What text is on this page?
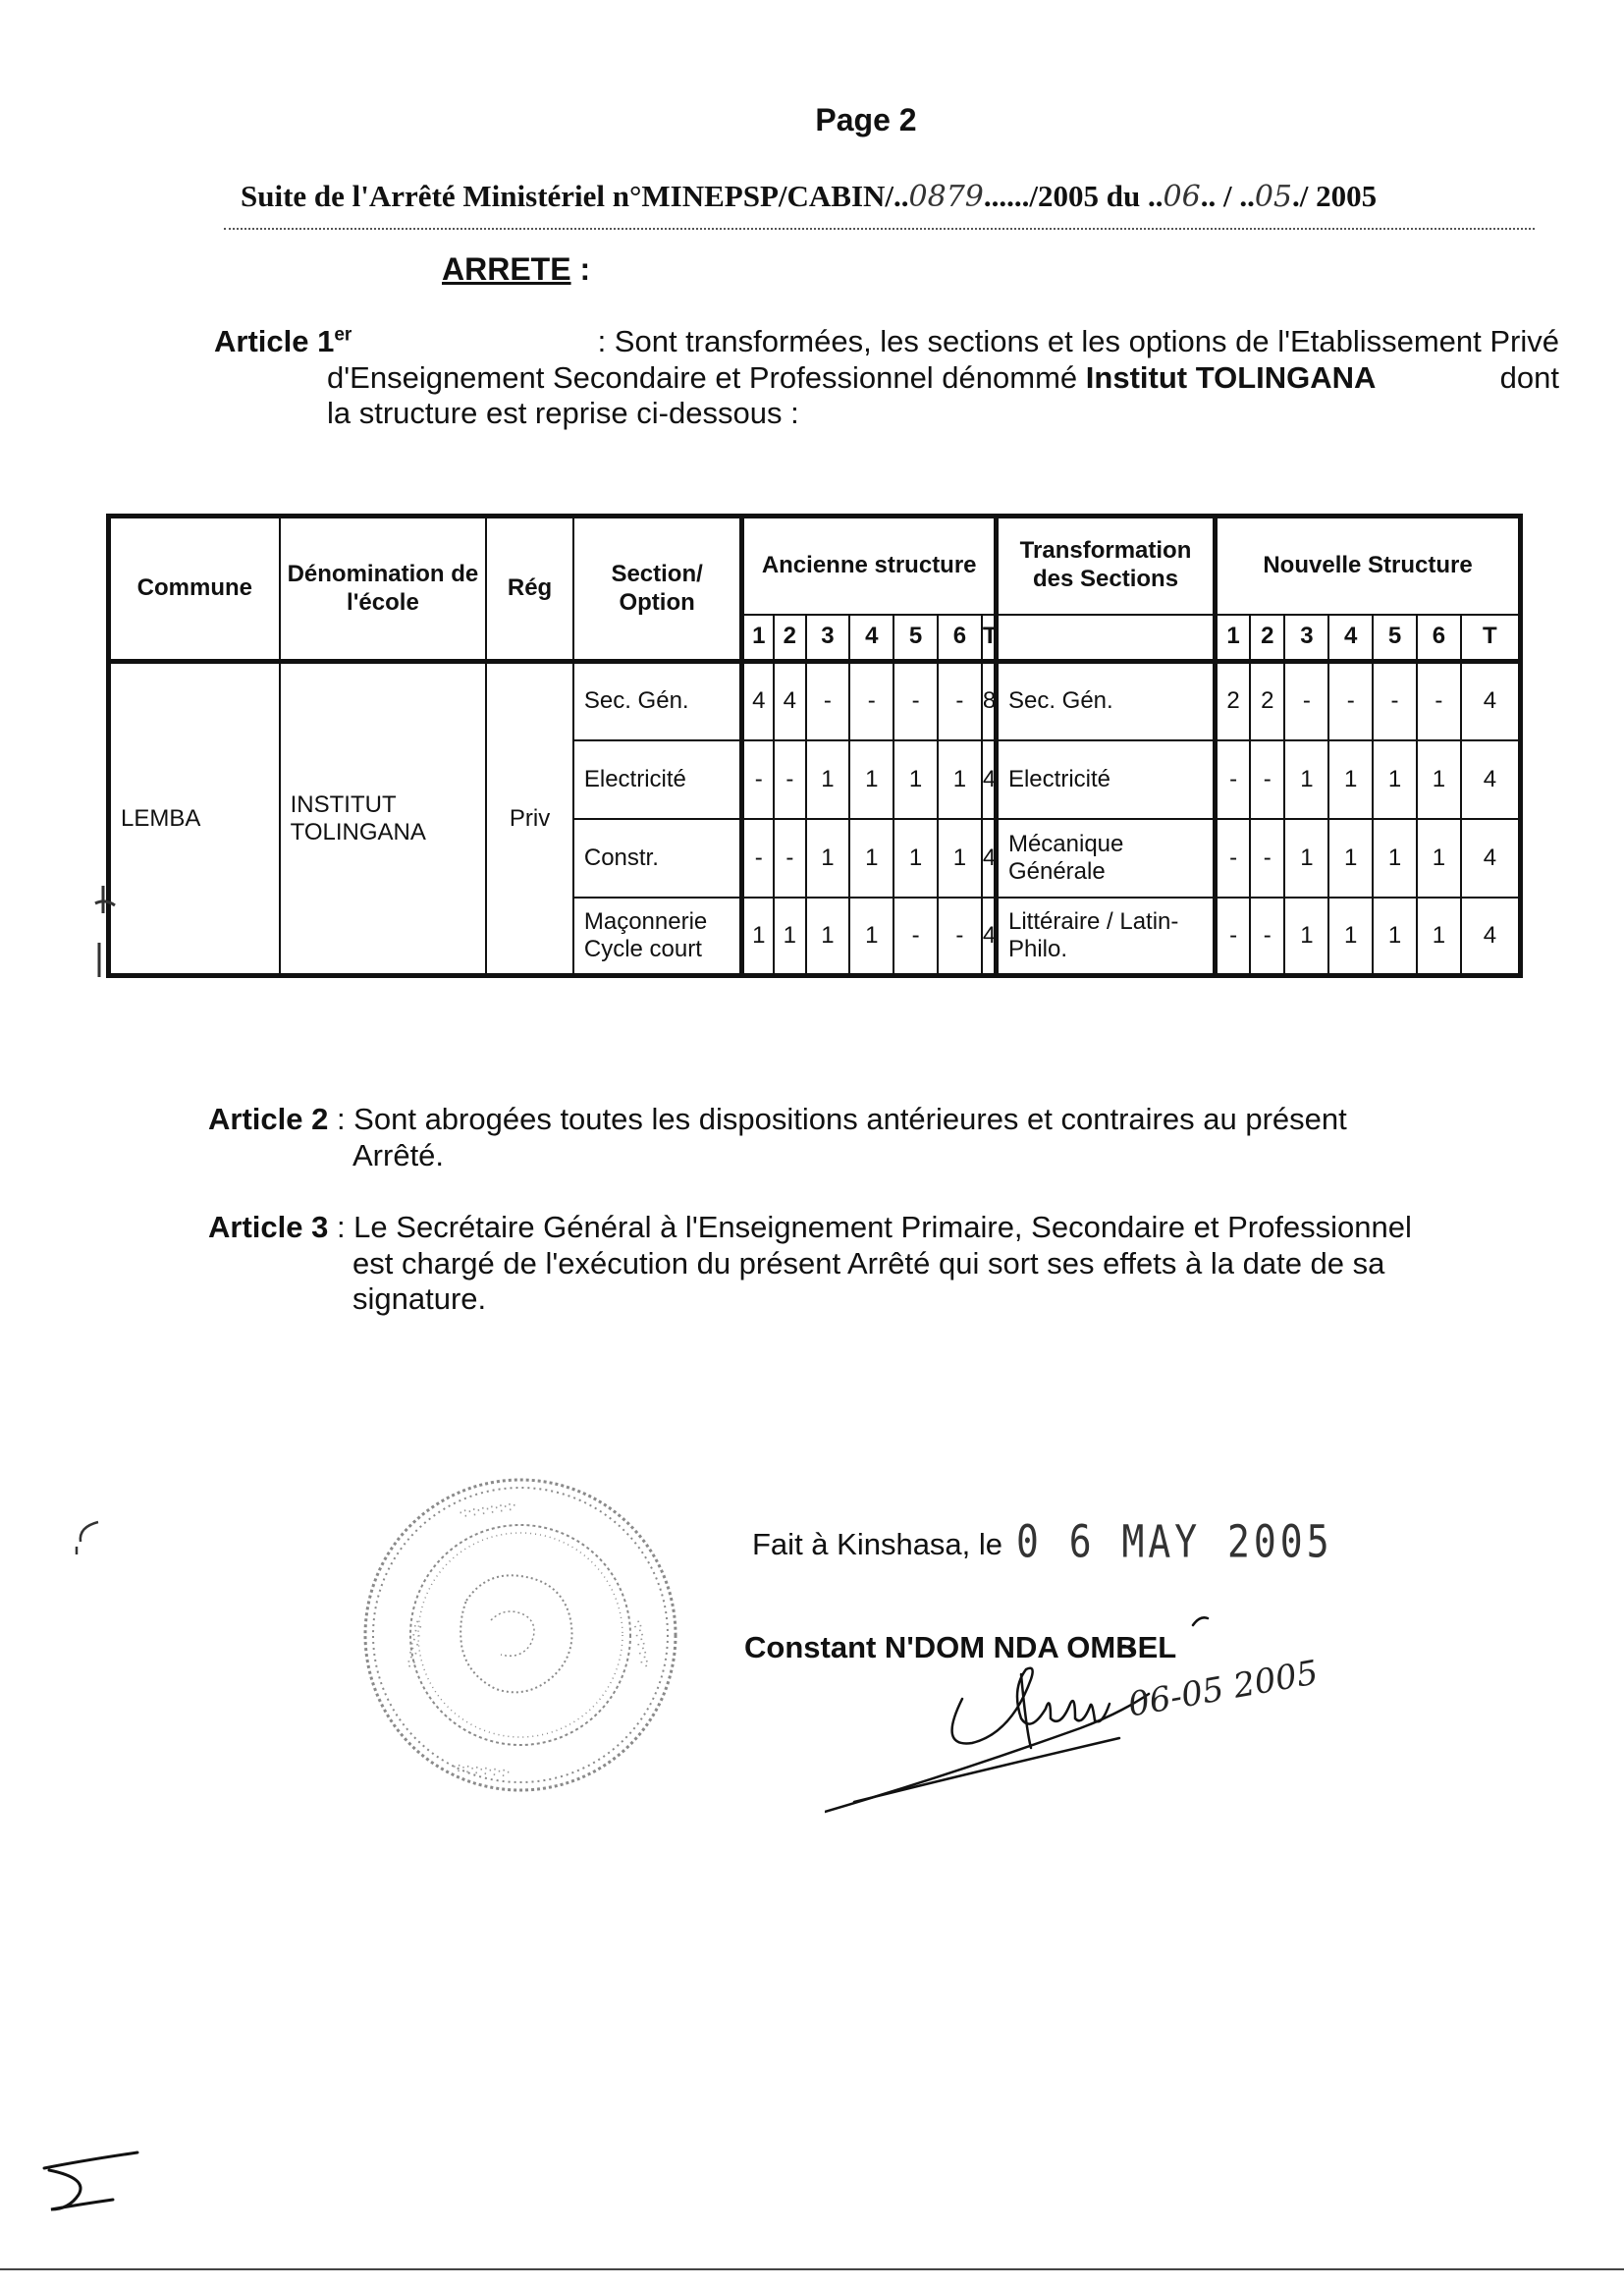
Page 2
Suite de l'Arrêté Ministériel n°MINEPSP/CABIN/..0879....../2005 du ..06.. / ..05./ 2005
ARRETE :
Article 1er	: Sont transformées, les sections et les options de l'Etablissement Privé
d'Enseignement Secondaire et Professionnel dénommé Institut TOLINGANA	dont
la structure est reprise ci-dessous :
Commune	Dénomination de l'école	Rég	Section/ Option	Ancienne structure							Transformation des Sections	Nouvelle Structure						
				1	2	3	4	5	6	T		1	2	3	4	5	6	T
LEMBA	INSTITUT TOLINGANA	Priv	Sec. Gén.	4	4	-	-	-	-	8	Sec. Gén.	2	2	-	-	-	-	4
			Electricité	-	-	1	1	1	1	4	Electricité	-	-	1	1	1	1	4
			Constr.	-	-	1	1	1	1	4	Mécanique Générale	-	-	1	1	1	1	4
			Maçonnerie Cycle court	1	1	1	1	-	-	4	Littéraire / Latin-Philo.	-	-	1	1	1	1	4
Article 2 : Sont abrogées toutes les dispositions antérieures et contraires au présent
Arrêté.
Article 3 : Le Secrétaire Général à l'Enseignement Primaire, Secondaire et Professionnel
est chargé de l'exécution du présent Arrêté qui sort ses effets à la date de sa
signature.
·:·:·:·:·:·:·
·:·:·:·:·:·
·:·:·:·:·:·:·
·:·:·:·:·:·
Fait à Kinshasa, le 0 6 MAY 2005
Constant N'DOM NDA OMBEL
06-05 2005
